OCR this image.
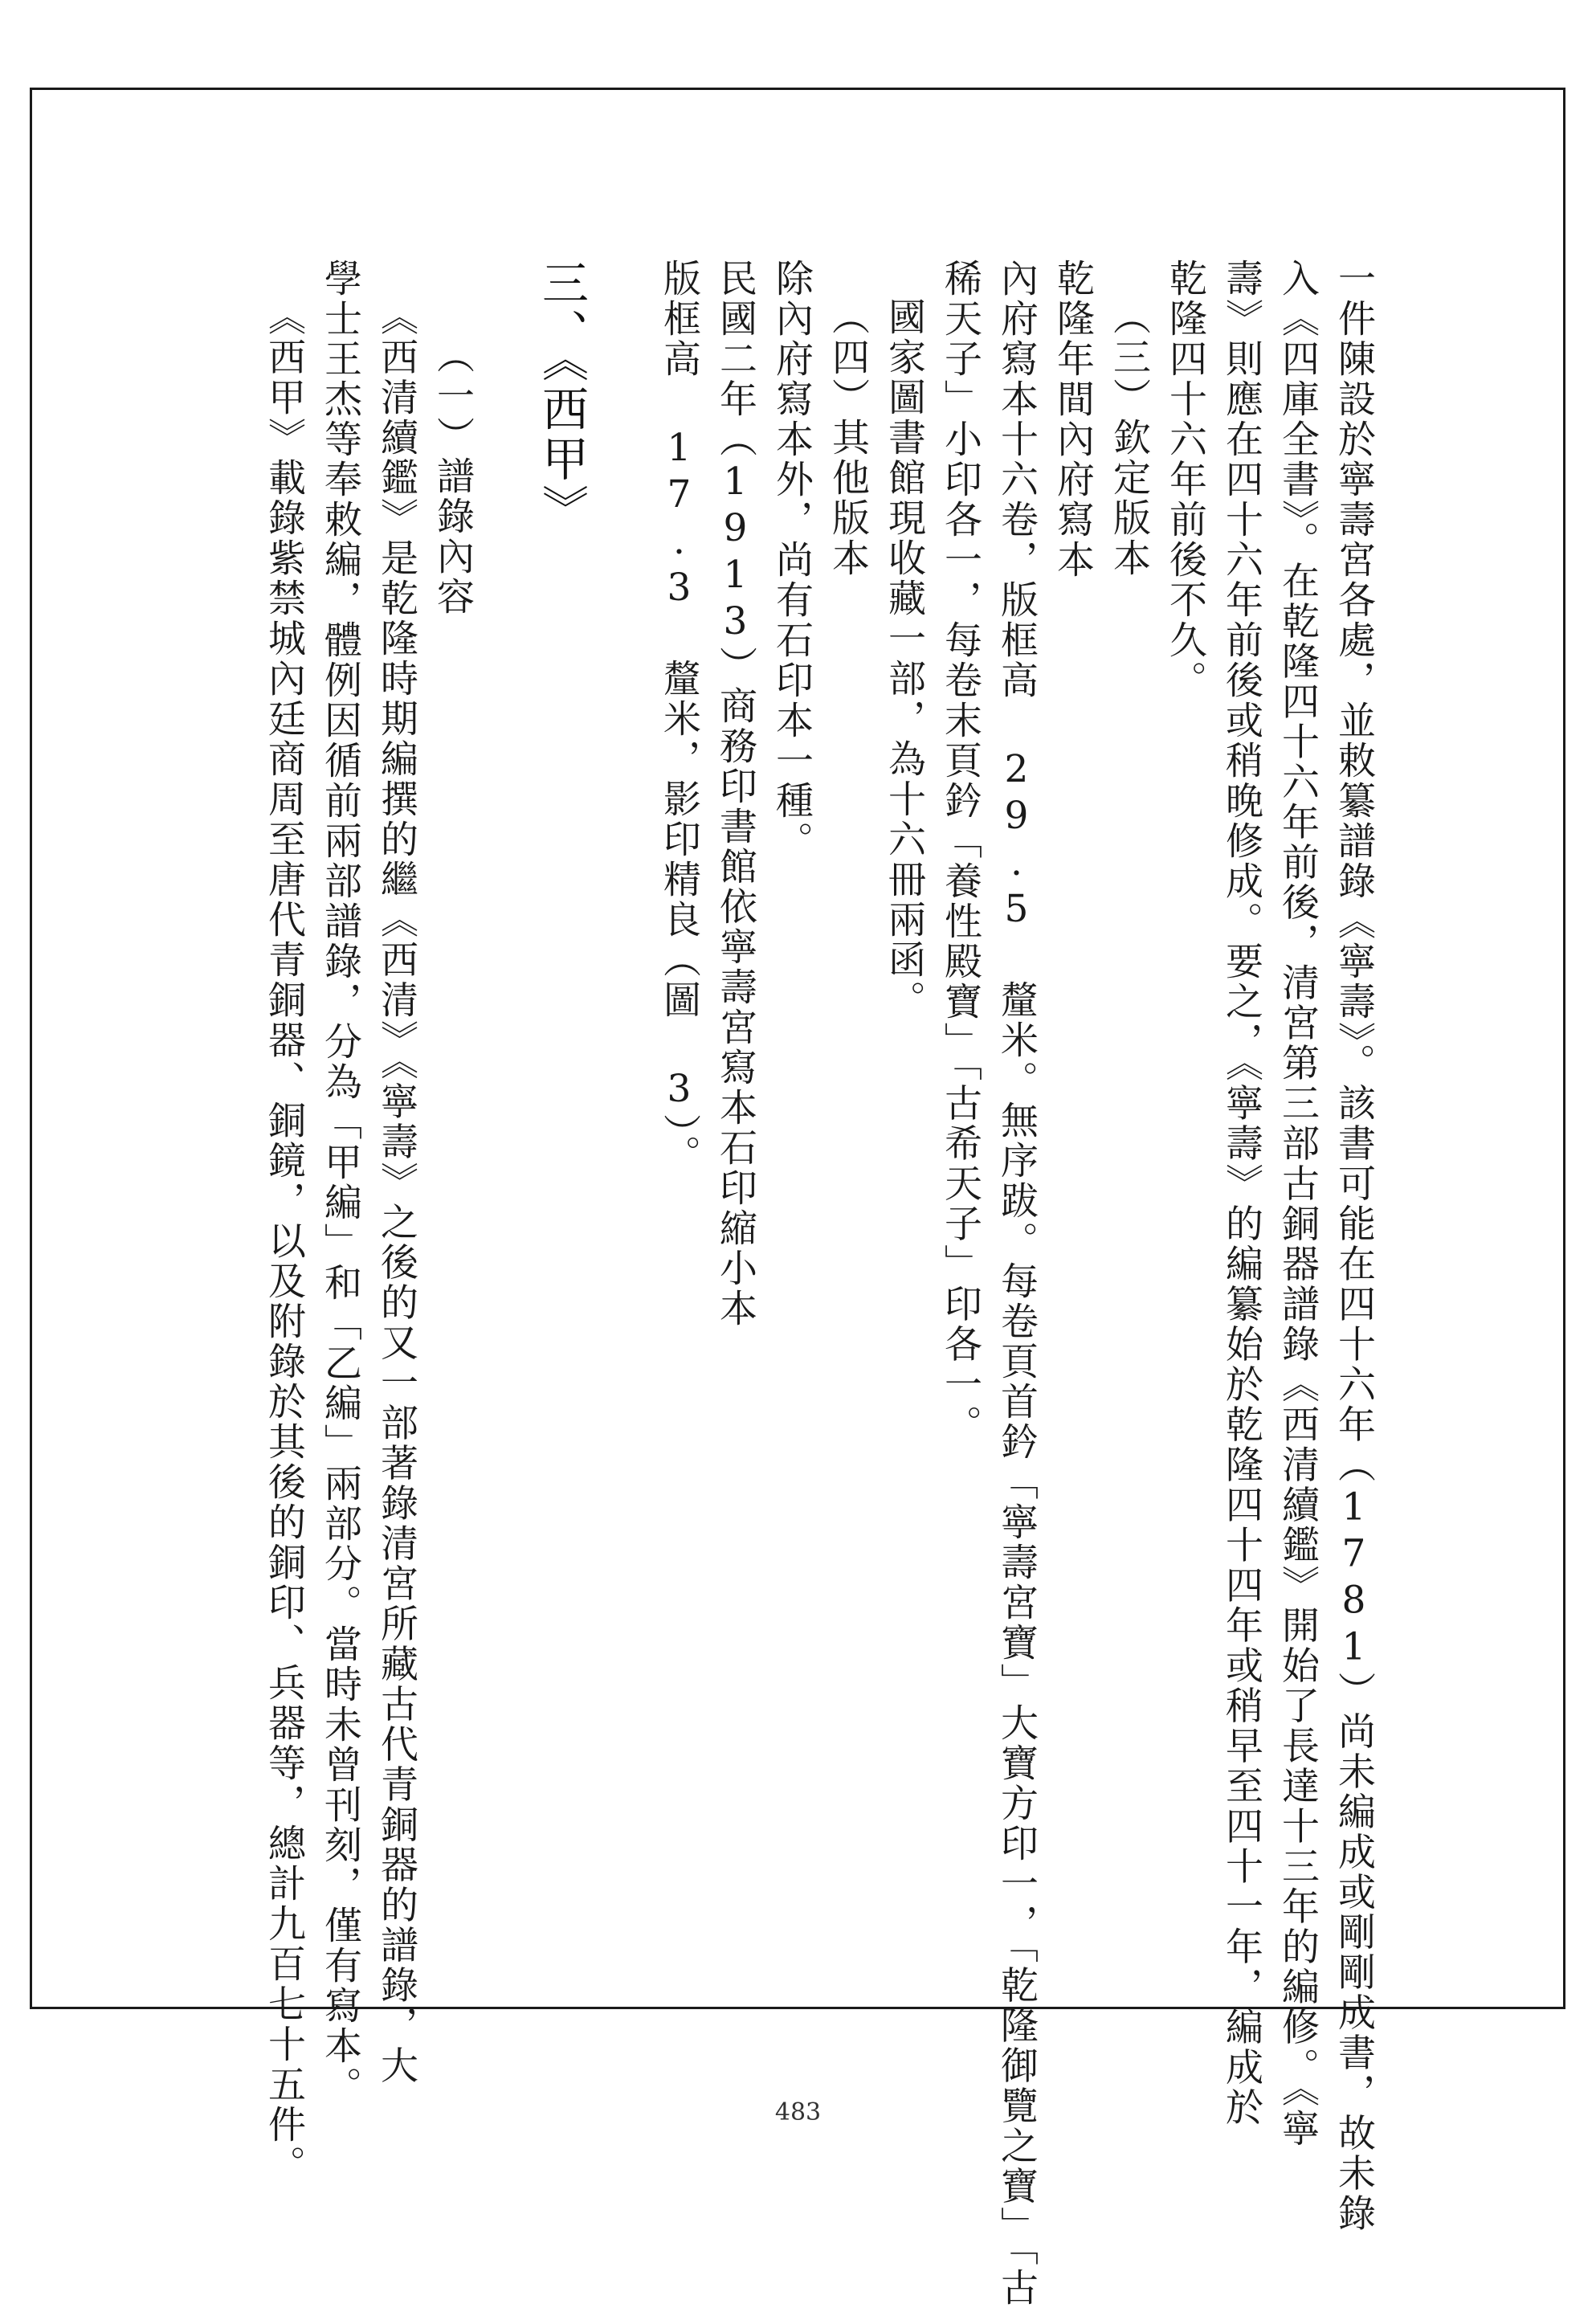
一件陳設於寧壽宮各處，並敕纂譜錄《寧壽》。該書可能在四十六年（1781）尚未編成或剛剛成書，故未錄
入《四庫全書》。在乾隆四十六年前後，清宮第三部古銅器譜錄《西清續鑑》開始了長達十三年的編修。《寧
壽》則應在四十六年前後或稍晚修成。要之，《寧壽》的編纂始於乾隆四十四年或稍早至四十一年，編成於
乾隆四十六年前後不久。
（三）欽定版本
乾隆年間內府寫本
內府寫本十六卷，版框高 29.5 釐米。無序跋。每卷頁首鈐「寧壽宮寶」大寶方印一，「乾隆御覽之寶」「古
稀天子」小印各一，每卷末頁鈐「養性殿寶」「古希天子」印各一。
國家圖書館現收藏一部，為十六冊兩函。
（四）其他版本
除內府寫本外，尚有石印本一種。
民國二年（1913）商務印書館依寧壽宮寫本石印縮小本
版框高 17.3 釐米，影印精良（圖 3）。
三、《西甲》
（一）譜錄內容
《西清續鑑》是乾隆時期編撰的繼《西清》《寧壽》之後的又一部著錄清宮所藏古代青銅器的譜錄，大
學士王杰等奉敕編，體例因循前兩部譜錄，分為「甲編」和「乙編」兩部分。當時未曾刊刻，僅有寫本。
《西甲》載錄紫禁城內廷商周至唐代青銅器、銅鏡，以及附錄於其後的銅印、兵器等，總計九百七十五件。	483
